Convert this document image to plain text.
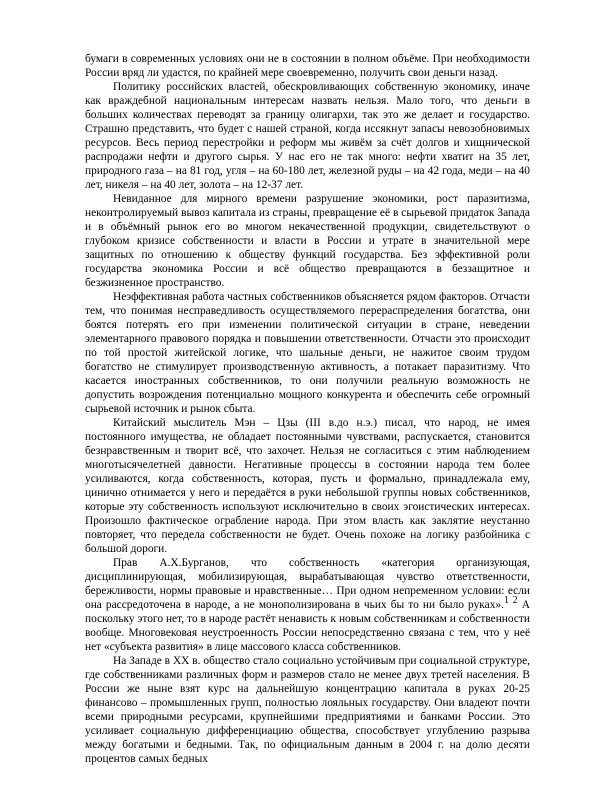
бумаги в современных условиях они не в состоянии в полном объёме. При необходимости России вряд ли удастся, по крайней мере своевременно, получить свои деньги назад.

Политику российских властей, обескровливающих собственную экономику, иначе как враждебной национальным интересам назвать нельзя. Мало того, что деньги в больших количествах переводят за границу олигархи, так это же делает и государство. Страшно представить, что будет с нашей страной, когда иссякнут запасы невозобновимых ресурсов. Весь период перестройки и реформ мы живём за счёт долгов и хищнической распродажи нефти и другого сырья. У нас его не так много: нефти хватит на 35 лет, природного газа – на 81 год, угля – на 60-180 лет, железной руды – на 42 года, меди – на 40 лет, никеля – на 40 лет, золота – на 12-37 лет.

Невиданное для мирного времени разрушение экономики, рост паразитизма, неконтролируемый вывоз капитала из страны, превращение её в сырьевой придаток Запада и в объёмный рынок его во многом некачественной продукции, свидетельствуют о глубоком кризисе собственности и власти в России и утрате в значительной мере защитных по отношению к обществу функций государства. Без эффективной роли государства экономика России и всё общество превращаются в беззащитное и безжизненное пространство.

Неэффективная работа частных собственников объясняется рядом факторов. Отчасти тем, что понимая несправедливость осуществляемого перераспределения богатства, они боятся потерять его при изменении политической ситуации в стране, неведении элементарного правового порядка и повышении ответственности. Отчасти это происходит по той простой житейской логике, что шальные деньги, не нажитое своим трудом богатство не стимулирует производственную активность, а потакает паразитизму. Что касается иностранных собственников, то они получили реальную возможность не допустить возрождения потенциально мощного конкурента и обеспечить себе огромный сырьевой источник и рынок сбыта.

Китайский мыслитель Мэн – Цзы (III в.до н.э.) писал, что народ, не имея постоянного имущества, не обладает постоянными чувствами, распускается, становится безнравственным и творит всё, что захочет. Нельзя не согласиться с этим наблюдением многотысячелетней давности. Негативные процессы в состоянии народа тем более усиливаются, когда собственность, которая, пусть и формально, принадлежала ему, цинично отнимается у него и передаётся в руки небольшой группы новых собственников, которые эту собственность используют исключительно в своих эгоистических интересах. Произошло фактическое ограбление народа. При этом власть как заклятие неустанно повторяет, что передела собственности не будет. Очень похоже на логику разбойника с большой дороги.

Прав А.Х.Бурганов, что собственность «категория организующая, дисциплинирующая, мобилизирующая, вырабатывающая чувство ответственности, бережливости, нормы правовые и нравственные… При одном непременном условии: если она рассредоточена в народе, а не монополизирована в чьих бы то ни было руках».1 2 А поскольку этого нет, то в народе растёт ненависть к новым собственникам и собственности вообще. Многовековая неустроенность России непосредственно связана с тем, что у неё нет «субъекта развития» в лице массового класса собственников.

На Западе в XX в. общество стало социально устойчивым при социальной структуре, где собственниками различных форм и размеров стало не менее двух третей населения. В России же ныне взят курс на дальнейшую концентрацию капитала в руках 20-25 финансово – промышленных групп, полностью лояльных государству. Они владеют почти всеми природными ресурсами, крупнейшими предприятиями и банками России. Это усиливает социальную дифференциацию общества, способствует углублению разрыва между богатыми и бедными. Так, по официальным данным в 2004 г. на долю десяти процентов самых бедных
